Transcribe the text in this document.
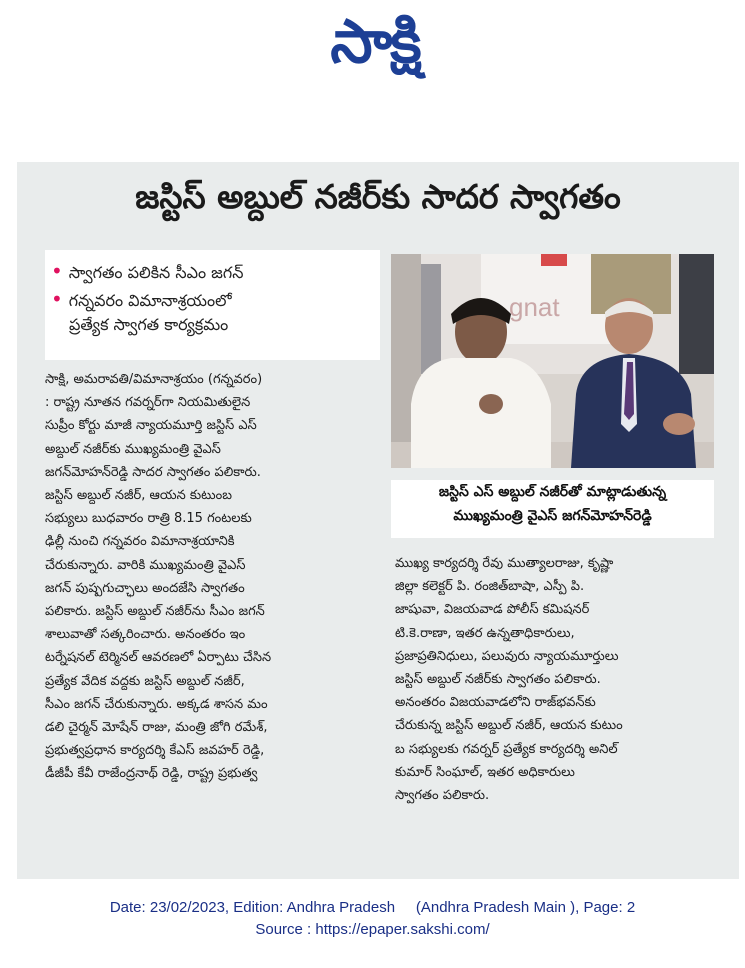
సాక్షి
జస్టిస్ అబ్దుల్ నజీర్‌కు సాదర స్వాగతం
• స్వాగతం పలికిన సీఎం జగన్
• గన్నవరం విమానాశ్రయంలో
ప్రత్యేక స్వాగత కార్యక్రమం
gnat
జస్టిస్ ఎస్ అబ్దుల్ నజీర్‌తో మాట్లాడుతున్న
ముఖ్యమంత్రి వైఎస్ జగన్‌మోహన్‌రెడ్డి
సాక్షి, అమరావతి/విమానాశ్రయం (గన్నవరం)
: రాష్ట్ర నూతన గవర్నర్‌గా నియమితులైన
సుప్రీం కోర్టు మాజీ న్యాయమూర్తి జస్టిస్ ఎస్
అబ్దుల్ నజీర్‌కు ముఖ్యమంత్రి వైఎస్
జగన్‌మోహన్‌రెడ్డి సాదర స్వాగతం పలికారు.
జస్టిస్ అబ్దుల్ నజీర్, ఆయన కుటుంబ
సభ్యులు బుధవారం రాత్రి 8.15 గంటలకు
ఢిల్లీ నుంచి గన్నవరం విమానాశ్రయానికి
చేరుకున్నారు. వారికి ముఖ్యమంత్రి వైఎస్
జగన్ పుష్పగుచ్ఛాలు అందజేసి స్వాగతం
పలికారు. జస్టిస్ అబ్దుల్ నజీర్‌ను సీఎం జగన్
శాలువాతో సత్కరించారు. అనంతరం ఇం
టర్నేషనల్ టెర్మినల్ ఆవరణలో ఏర్పాటు చేసిన
ప్రత్యేక వేదిక వద్దకు జస్టిస్ అబ్దుల్ నజీర్,
సీఎం జగన్ చేరుకున్నారు. అక్కడ శాసన మం
డలి చైర్మన్ మోషేన్ రాజు, మంత్రి జోగి రమేశ్,
ప్రభుత్వప్రధాన కార్యదర్శి కేఎస్ జవహర్ రెడ్డి,
డీజీపీ కేవీ రాజేంద్రనాథ్ రెడ్డి, రాష్ట్ర ప్రభుత్వ
ముఖ్య కార్యదర్శి రేవు ముత్యాలరాజు, కృష్ణా
జిల్లా కలెక్టర్ పి. రంజిత్‌బాషా, ఎస్పీ పి.
జాషువా, విజయవాడ పోలీస్ కమిషనర్
టి.కె.రాణా, ఇతర ఉన్నతాధికారులు,
ప్రజాప్రతినిధులు, పలువురు న్యాయమూర్తులు
జస్టిస్ అబ్దుల్ నజీర్‌కు స్వాగతం పలికారు.
అనంతరం విజయవాడలోని రాజ్‌భవన్‌కు
చేరుకున్న జస్టిస్ అబ్దుల్ నజీర్, ఆయన కుటుం
బ సభ్యులకు గవర్నర్ ప్రత్యేక కార్యదర్శి అనిల్
కుమార్ సింఘాల్, ఇతర అధికారులు
స్వాగతం పలికారు.
Date: 23/02/2023, Edition: Andhra Pradesh     (Andhra Pradesh Main ), Page: 2
Source : https://epaper.sakshi.com/
